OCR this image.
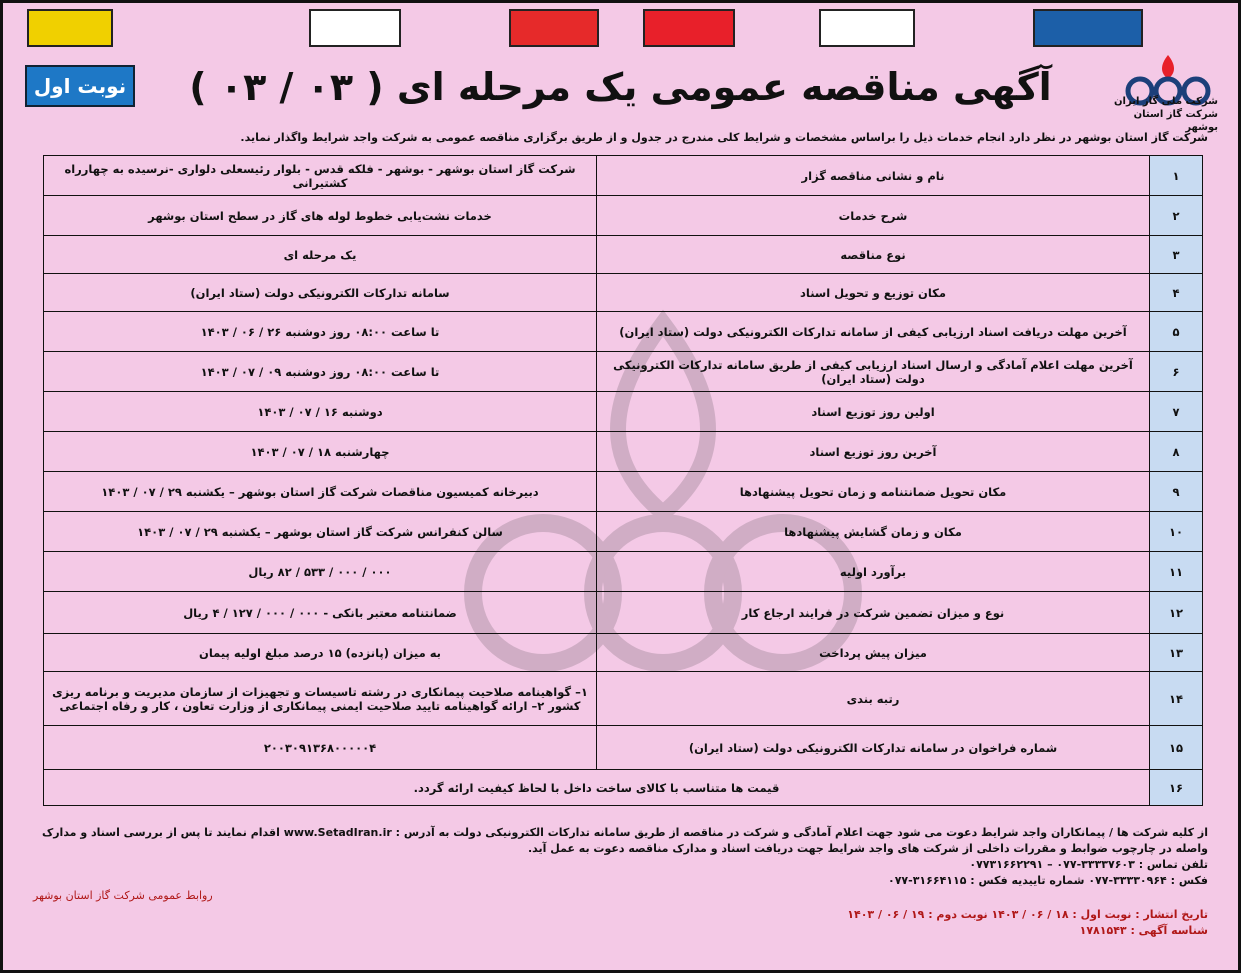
نوبت اول
شرکت ملی گاز ایران
شرکت گاز استان بوشهر
آگهی مناقصه عمومی یک مرحله ای ( ۰۳ / ۰۳ )
شرکت گاز استان بوشهر در نظر دارد انجام خدمات ذیل را براساس مشخصات و شرایط کلی مندرج در جدول و از طریق برگزاری مناقصه عمومی به شرکت واجد شرایط واگذار نماید.
۱	نام و نشانی مناقصه گزار	شرکت گاز استان بوشهر - بوشهر - فلکه قدس - بلوار رئیسعلی دلواری -نرسیده به چهارراه کشتیرانی
۲	شرح خدمات	خدمات نشت‌یابی خطوط لوله های گاز در سطح استان بوشهر
۳	نوع مناقصه	یک مرحله ای
۴	مکان توزیع و تحویل اسناد	سامانه تدارکات الکترونیکی دولت (ستاد ایران)
۵	آخرین مهلت دریافت اسناد ارزیابی کیفی از سامانه تدارکات الکترونیکی دولت (ستاد ایران)	تا ساعت ۰۸:۰۰ روز دوشنبه ۲۶ / ۰۶ / ۱۴۰۳
۶	آخرین مهلت اعلام آمادگی و ارسال اسناد ارزیابی کیفی از طریق سامانه تدارکات الکترونیکی دولت (ستاد ایران)	تا ساعت ۰۸:۰۰ روز دوشنبه ۰۹ / ۰۷ / ۱۴۰۳
۷	اولین روز توزیع اسناد	دوشنبه ۱۶ / ۰۷ / ۱۴۰۳
۸	آخرین روز توزیع اسناد	چهارشنبه ۱۸ / ۰۷ / ۱۴۰۳
۹	مکان تحویل ضمانتنامه و زمان تحویل پیشنهادها	دبیرخانه کمیسیون مناقصات شرکت گاز استان بوشهر – یکشنبه ۲۹ / ۰۷ / ۱۴۰۳
۱۰	مکان و زمان گشایش پیشنهادها	سالن کنفرانس شرکت گاز استان بوشهر – یکشنبه ۲۹ / ۰۷ / ۱۴۰۳
۱۱	برآورد اولیه	۰۰۰ / ۰۰۰ / ۵۳۳ / ۸۲ ریال
۱۲	نوع و میزان تضمین شرکت در فرایند ارجاع کار	ضمانتنامه معتبر بانکی - ۰۰۰ / ۰۰۰ / ۱۲۷ / ۴ ریال
۱۳	میزان پیش پرداخت	به میزان (پانزده) ۱۵ درصد مبلغ اولیه پیمان
۱۴	رتبه بندی	۱– گواهینامه صلاحیت پیمانکاری در رشته تاسیسات و تجهیزات از سازمان مدیریت و برنامه ریزی کشور ۲– ارائه گواهینامه تایید صلاحیت ایمنی پیمانکاری از وزارت تعاون ، کار و رفاه اجتماعی
۱۵	شماره فراخوان در سامانه تدارکات الکترونیکی دولت (ستاد ایران)	۲۰۰۳۰۹۱۳۶۸۰۰۰۰۰۴
۱۶	قیمت ها متناسب با کالای ساخت داخل با لحاظ کیفیت ارائه گردد.	
از کلیه شرکت ها / پیمانکاران واجد شرایط دعوت می شود جهت اعلام آمادگی و شرکت در مناقصه از طریق سامانه تدارکات الکترونیکی دولت به آدرس : www.SetadIran.ir اقدام نمایند تا پس از بررسی اسناد و مدارک واصله در چارچوب ضوابط و مقررات داخلی از شرکت های واجد شرایط جهت دریافت اسناد و مدارک مناقصه دعوت به عمل آید.
تلفن تماس : ۳۳۳۳۷۶۰۳-۰۷۷ – ۰۷۷۳۱۶۶۲۲۹۱
فکس : ۳۳۳۳۰۹۶۴-۰۷۷ شماره تاییدیه فکس : ۳۱۶۶۴۱۱۵-۰۷۷
روابط عمومی شرکت گاز استان بوشهر
تاریخ انتشار : نوبت اول : ۱۸ / ۰۶ / ۱۴۰۳ نوبت دوم : ۱۹ / ۰۶ / ۱۴۰۳
شناسه آگهی : ۱۷۸۱۵۴۳
